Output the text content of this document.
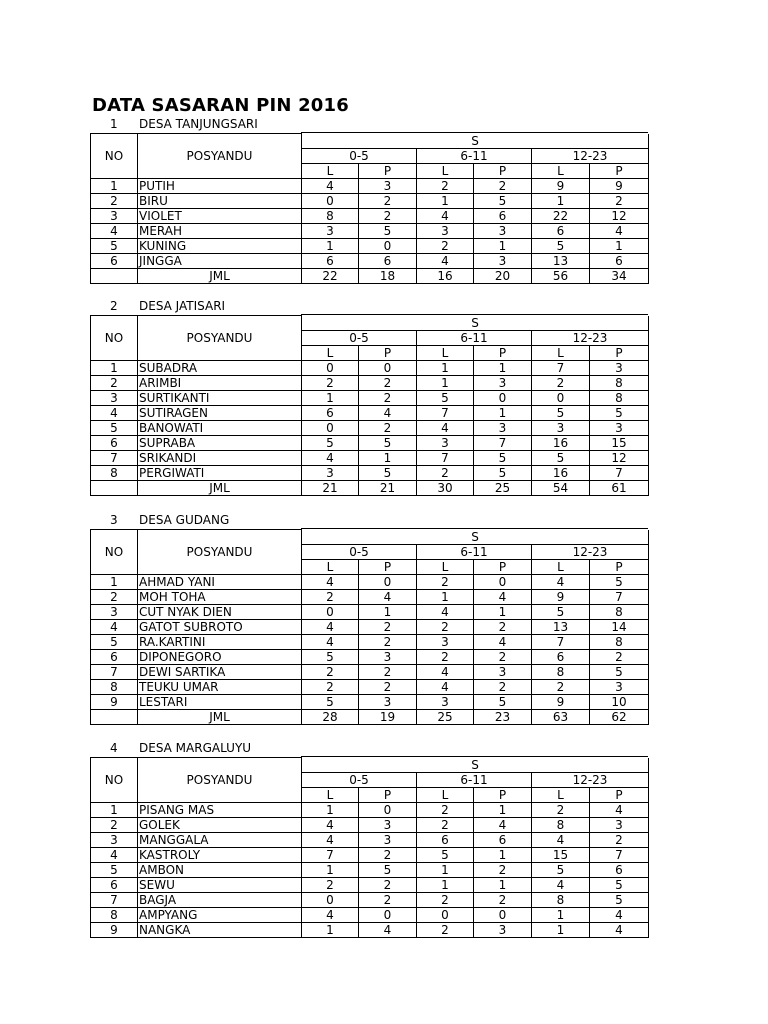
DATA SASARAN PIN 2016
1 DESA TANJUNGSARI
NO	POSYANDU	S					
		0-5		6-11		12-23	
		L	P	L	P	L	P
1	PUTIH	4	3	2	2	9	9
2	BIRU	0	2	1	5	1	2
3	VIOLET	8	2	4	6	22	12
4	MERAH	3	5	3	3	6	4
5	KUNING	1	0	2	1	5	1
6	JINGGA	6	6	4	3	13	6
	JML	22	18	16	20	56	34
2 DESA JATISARI
NO	POSYANDU	S					
		0-5		6-11		12-23	
		L	P	L	P	L	P
1	SUBADRA	0	0	1	1	7	3
2	ARIMBI	2	2	1	3	2	8
3	SURTIKANTI	1	2	5	0	0	8
4	SUTIRAGEN	6	4	7	1	5	5
5	BANOWATI	0	2	4	3	3	3
6	SUPRABA	5	5	3	7	16	15
7	SRIKANDI	4	1	7	5	5	12
8	PERGIWATI	3	5	2	5	16	7
	JML	21	21	30	25	54	61
3 DESA GUDANG
NO	POSYANDU	S					
		0-5		6-11		12-23	
		L	P	L	P	L	P
1	AHMAD YANI	4	0	2	0	4	5
2	MOH TOHA	2	4	1	4	9	7
3	CUT NYAK DIEN	0	1	4	1	5	8
4	GATOT SUBROTO	4	2	2	2	13	14
5	RA.KARTINI	4	2	3	4	7	8
6	DIPONEGORO	5	3	2	2	6	2
7	DEWI SARTIKA	2	2	4	3	8	5
8	TEUKU UMAR	2	2	4	2	2	3
9	LESTARI	5	3	3	5	9	10
	JML	28	19	25	23	63	62
4 DESA MARGALUYU
NO	POSYANDU	S					
		0-5		6-11		12-23	
		L	P	L	P	L	P
1	PISANG MAS	1	0	2	1	2	4
2	GOLEK	4	3	2	4	8	3
3	MANGGALA	4	3	6	6	4	2
4	KASTROLY	7	2	5	1	15	7
5	AMBON	1	5	1	2	5	6
6	SEWU	2	2	1	1	4	5
7	BAGJA	0	2	2	2	8	5
8	AMPYANG	4	0	0	0	1	4
9	NANGKA	1	4	2	3	1	4
